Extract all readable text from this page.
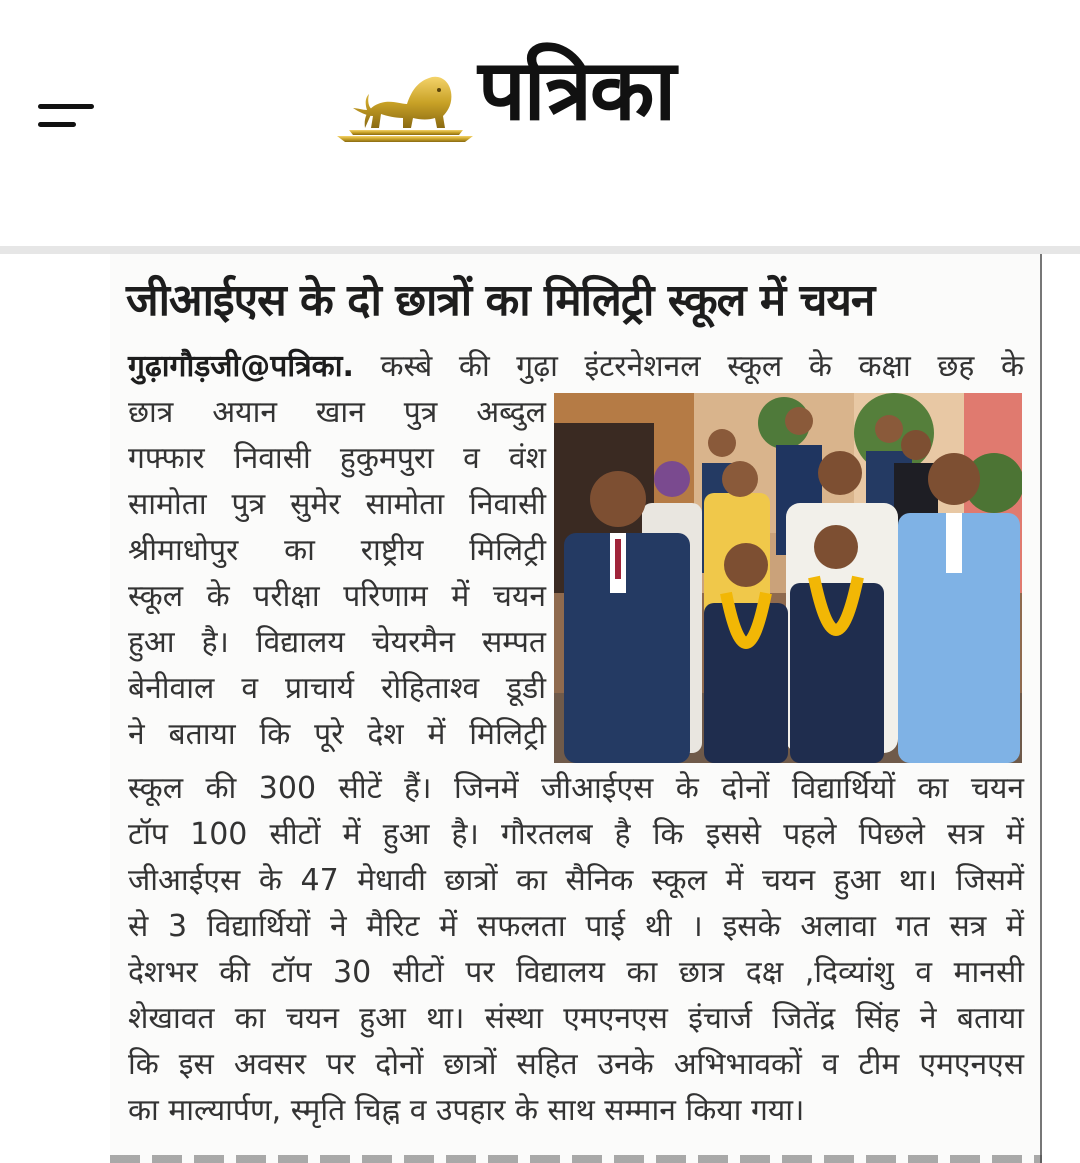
पत्रिका
जीआईएस के दो छात्रों का मिलिट्री स्कूल में चयन
गुढ़ागौड़जी@पत्रिका. कस्बे की गुढ़ा इंटरनेशनल स्कूल के कक्षा छह के
छात्र अयान खान पुत्र अब्दुल
गफ्फार निवासी हुकुमपुरा व वंश
सामोता पुत्र सुमेर सामोता निवासी
श्रीमाधोपुर का राष्ट्रीय मिलिट्री
स्कूल के परीक्षा परिणाम में चयन
हुआ है। विद्यालय चेयरमैन सम्पत
बेनीवाल व प्राचार्य रोहिताश्व डूडी
ने बताया कि पूरे देश में मिलिट्री
स्कूल की 300 सीटें हैं। जिनमें जीआईएस के दोनों विद्यार्थियों का चयन
टॉप 100 सीटों में हुआ है। गौरतलब है कि इससे पहले पिछले सत्र में
जीआईएस के 47 मेधावी छात्रों का सैनिक स्कूल में चयन हुआ था। जिसमें
से 3 विद्यार्थियों ने मैरिट में सफलता पाई थी । इसके अलावा गत सत्र में
देशभर की टॉप 30 सीटों पर विद्यालय का छात्र दक्ष ,दिव्यांशु व मानसी
शेखावत का चयन हुआ था। संस्था एमएनएस इंचार्ज जितेंद्र सिंह ने बताया
कि इस अवसर पर दोनों छात्रों सहित उनके अभिभावकों व टीम एमएनएस
का माल्यार्पण, स्मृति चिह्न व उपहार के साथ सम्मान किया गया।
